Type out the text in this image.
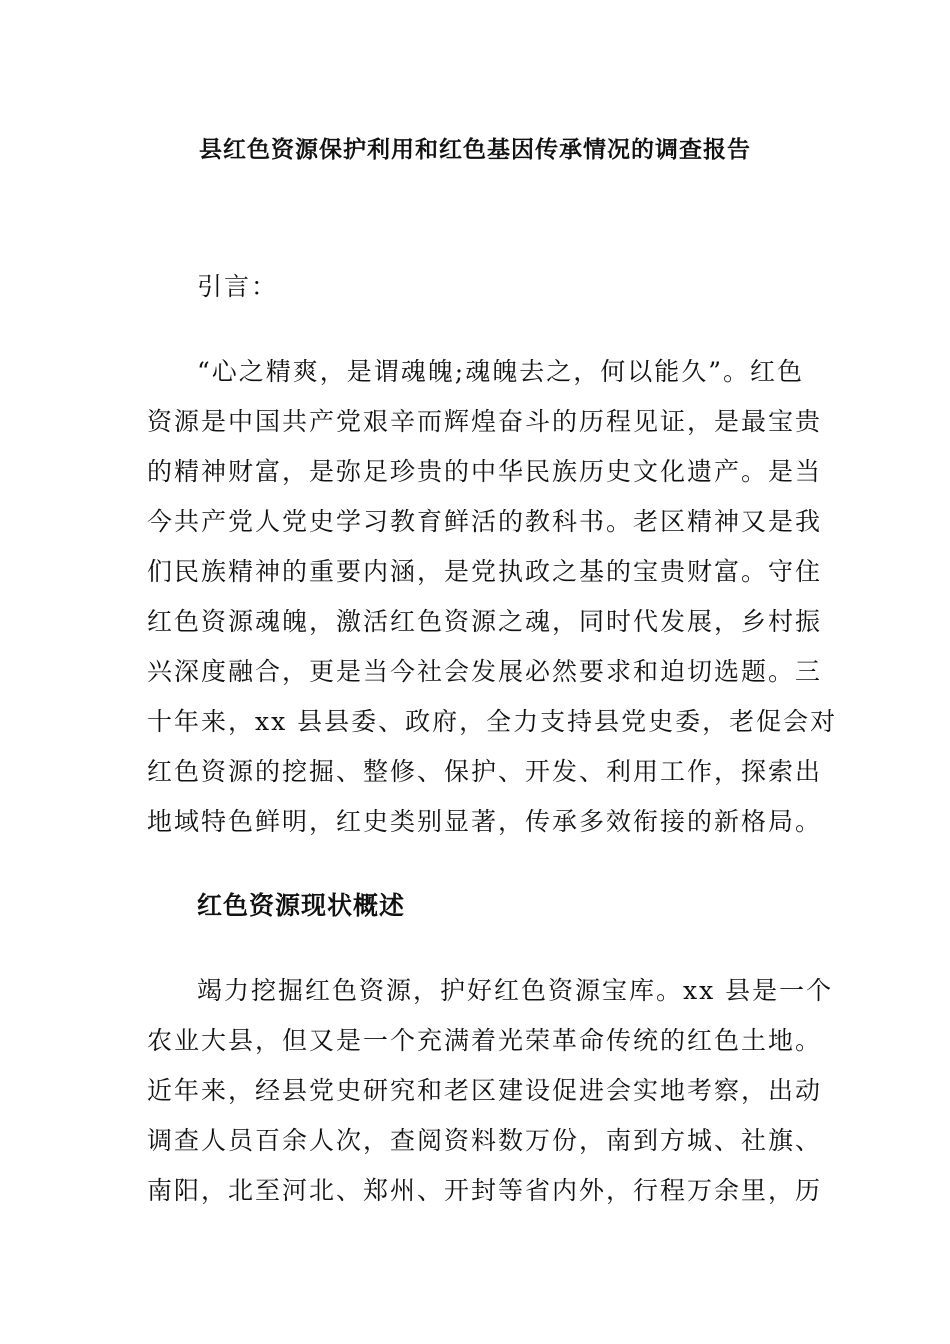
县红色资源保护利用和红色基因传承情况的调查报告
引言：
“心之精爽，是谓魂魄;魂魄去之，何以能久”。红色
资源是中国共产党艰辛而辉煌奋斗的历程见证，是最宝贵
的精神财富，是弥足珍贵的中华民族历史文化遗产。是当
今共产党人党史学习教育鲜活的教科书。老区精神又是我
们民族精神的重要内涵，是党执政之基的宝贵财富。守住
红色资源魂魄，激活红色资源之魂，同时代发展，乡村振
兴深度融合，更是当今社会发展必然要求和迫切选题。三
十年来，xx 县县委、政府，全力支持县党史委，老促会对
红色资源的挖掘、整修、保护、开发、利用工作，探索出
地域特色鲜明，红史类别显著，传承多效衔接的新格局。
红色资源现状概述
竭力挖掘红色资源，护好红色资源宝库。xx 县是一个
农业大县，但又是一个充满着光荣革命传统的红色土地。
近年来，经县党史研究和老区建设促进会实地考察，出动
调查人员百余人次，查阅资料数万份，南到方城、社旗、
南阳，北至河北、郑州、开封等省内外，行程万余里，历
